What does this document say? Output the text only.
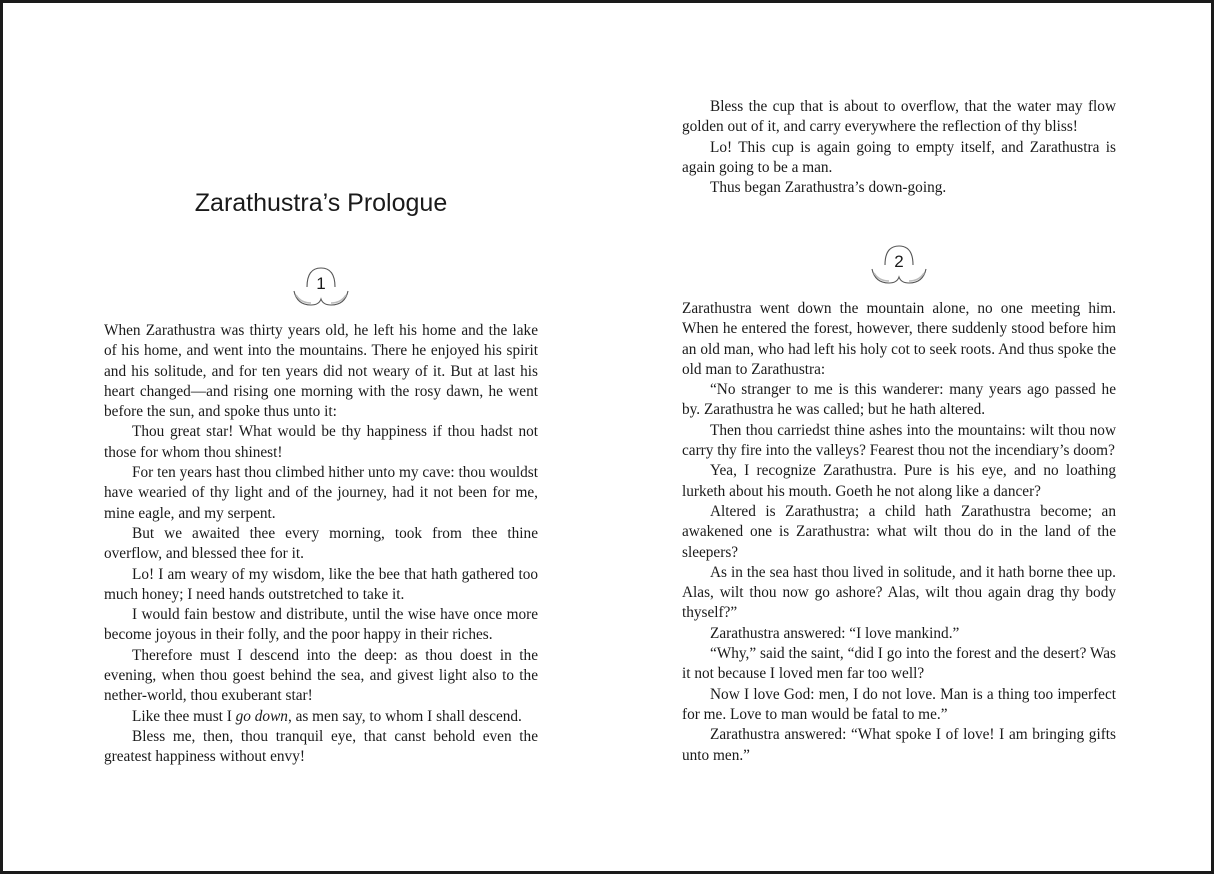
Zarathustra’s Prologue
1

When Zarathustra was thirty years old, he left his home and the lake of his home, and went into the mountains. There he enjoyed his spirit and his solitude, and for ten years did not weary of it. But at last his heart changed—and rising one morning with the rosy dawn, he went before the sun, and spoke thus unto it:

Thou great star! What would be thy happiness if thou hadst not those for whom thou shinest!

For ten years hast thou climbed hither unto my cave: thou wouldst have wearied of thy light and of the journey, had it not been for me, mine eagle, and my serpent.

But we awaited thee every morning, took from thee thine overflow, and blessed thee for it.

Lo! I am weary of my wisdom, like the bee that hath gathered too much honey; I need hands outstretched to take it.

I would fain bestow and distribute, until the wise have once more become joyous in their folly, and the poor happy in their riches.

Therefore must I descend into the deep: as thou doest in the evening, when thou goest behind the sea, and givest light also to the nether-world, thou exuberant star!

Like thee must I go down, as men say, to whom I shall descend.

Bless me, then, thou tranquil eye, that canst behold even the greatest happiness without envy!

Bless the cup that is about to overflow, that the water may flow golden out of it, and carry everywhere the reflection of thy bliss!

Lo! This cup is again going to empty itself, and Zarathustra is again going to be a man.

Thus began Zarathustra’s down-going.

2

Zarathustra went down the mountain alone, no one meeting him. When he entered the forest, however, there suddenly stood before him an old man, who had left his holy cot to seek roots. And thus spoke the old man to Zarathustra:

“No stranger to me is this wanderer: many years ago passed he by. Zarathustra he was called; but he hath altered.

Then thou carriedst thine ashes into the mountains: wilt thou now carry thy fire into the valleys? Fearest thou not the incendiary’s doom?

Yea, I recognize Zarathustra. Pure is his eye, and no loathing lurketh about his mouth. Goeth he not along like a dancer?

Altered is Zarathustra; a child hath Zarathustra become; an awakened one is Zarathustra: what wilt thou do in the land of the sleepers?

As in the sea hast thou lived in solitude, and it hath borne thee up. Alas, wilt thou now go ashore? Alas, wilt thou again drag thy body thyself?”

Zarathustra answered: “I love mankind.”

“Why,” said the saint, “did I go into the forest and the desert? Was it not because I loved men far too well?

Now I love God: men, I do not love. Man is a thing too imperfect for me. Love to man would be fatal to me.”

Zarathustra answered: “What spoke I of love! I am bringing gifts unto men.”
